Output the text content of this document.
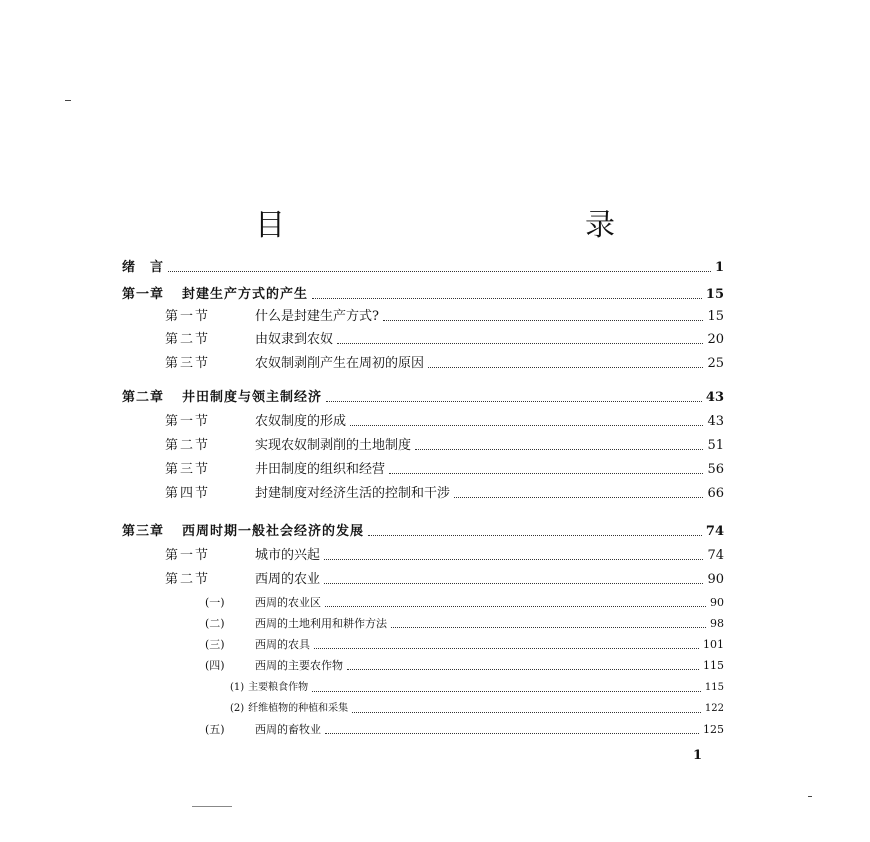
目　　录
绪　言	1
第一章 封建生产方式的产生	15
第一节	什么是封建生产方式?	15
第二节	由奴隶到农奴	20
第三节	农奴制剥削产生在周初的原因	25
第二章 井田制度与领主制经济	43
第一节	农奴制度的形成	43
第二节	实现农奴制剥削的土地制度	51
第三节	井田制度的组织和经营	56
第四节	封建制度对经济生活的控制和干涉	66
第三章 西周时期一般社会经济的发展	74
第一节	城市的兴起	74
第二节	西周的农业	90
(一)	西周的农业区	90
(二)	西周的土地利用和耕作方法	98
(三)	西周的农具	101
(四)	西周的主要农作物	115
(1) 主要粮食作物	115
(2) 纤维植物的种植和采集	122
(五)	西周的畜牧业	125
1
